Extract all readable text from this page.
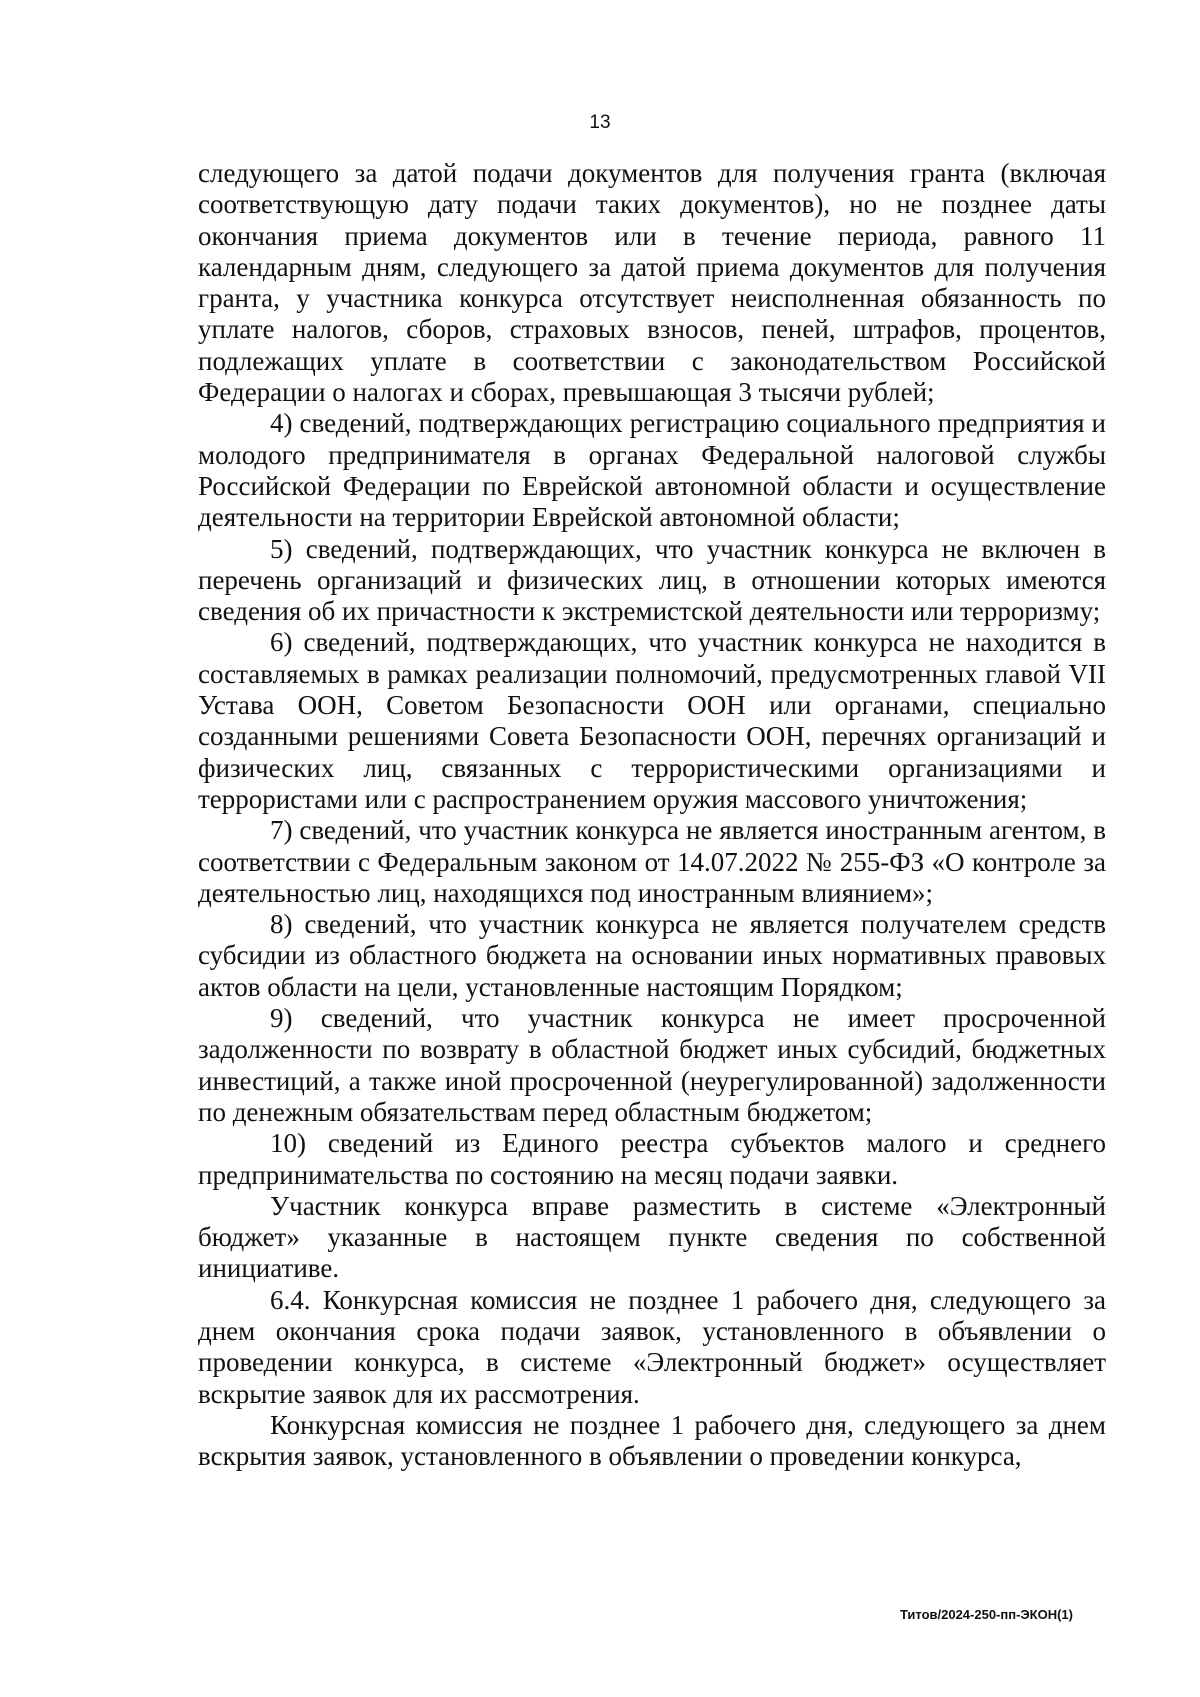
13

следующего за датой подачи документов для получения гранта (включая соответствующую дату подачи таких документов), но не позднее даты окончания приема документов или в течение периода, равного 11 календарным дням, следующего за датой приема документов для получения гранта, у участника конкурса отсутствует неисполненная обязанность по уплате налогов, сборов, страховых взносов, пеней, штрафов, процентов, подлежащих уплате в соответствии с законодательством Российской Федерации о налогах и сборах, превышающая 3 тысячи рублей;

4) сведений, подтверждающих регистрацию социального предприятия и молодого предпринимателя в органах Федеральной налоговой службы Российской Федерации по Еврейской автономной области и осуществление деятельности на территории Еврейской автономной области;

5) сведений, подтверждающих, что участник конкурса не включен в перечень организаций и физических лиц, в отношении которых имеются сведения об их причастности к экстремистской деятельности или терроризму;

6) сведений, подтверждающих, что участник конкурса не находится в составляемых в рамках реализации полномочий, предусмотренных главой VII Устава ООН, Советом Безопасности ООН или органами, специально созданными решениями Совета Безопасности ООН, перечнях организаций и физических лиц, связанных с террористическими организациями и террористами или с распространением оружия массового уничтожения;

7) сведений, что участник конкурса не является иностранным агентом, в соответствии с Федеральным законом от 14.07.2022 № 255-ФЗ «О контроле за деятельностью лиц, находящихся под иностранным влиянием»;

8) сведений, что участник конкурса не является получателем средств субсидии из областного бюджета на основании иных нормативных правовых актов области на цели, установленные настоящим Порядком;

9) сведений, что участник конкурса не имеет просроченной задолженности по возврату в областной бюджет иных субсидий, бюджетных инвестиций, а также иной просроченной (неурегулированной) задолженности по денежным обязательствам перед областным бюджетом;

10) сведений из Единого реестра субъектов малого и среднего предпринимательства по состоянию на месяц подачи заявки.

Участник конкурса вправе разместить в системе «Электронный бюджет» указанные в настоящем пункте сведения по собственной инициативе.

6.4. Конкурсная комиссия не позднее 1 рабочего дня, следующего за днем окончания срока подачи заявок, установленного в объявлении о проведении конкурса, в системе «Электронный бюджет» осуществляет вскрытие заявок для их рассмотрения.

Конкурсная комиссия не позднее 1 рабочего дня, следующего за днем вскрытия заявок, установленного в объявлении о проведении конкурса,

Титов/2024-250-пп-ЭКОН(1)
